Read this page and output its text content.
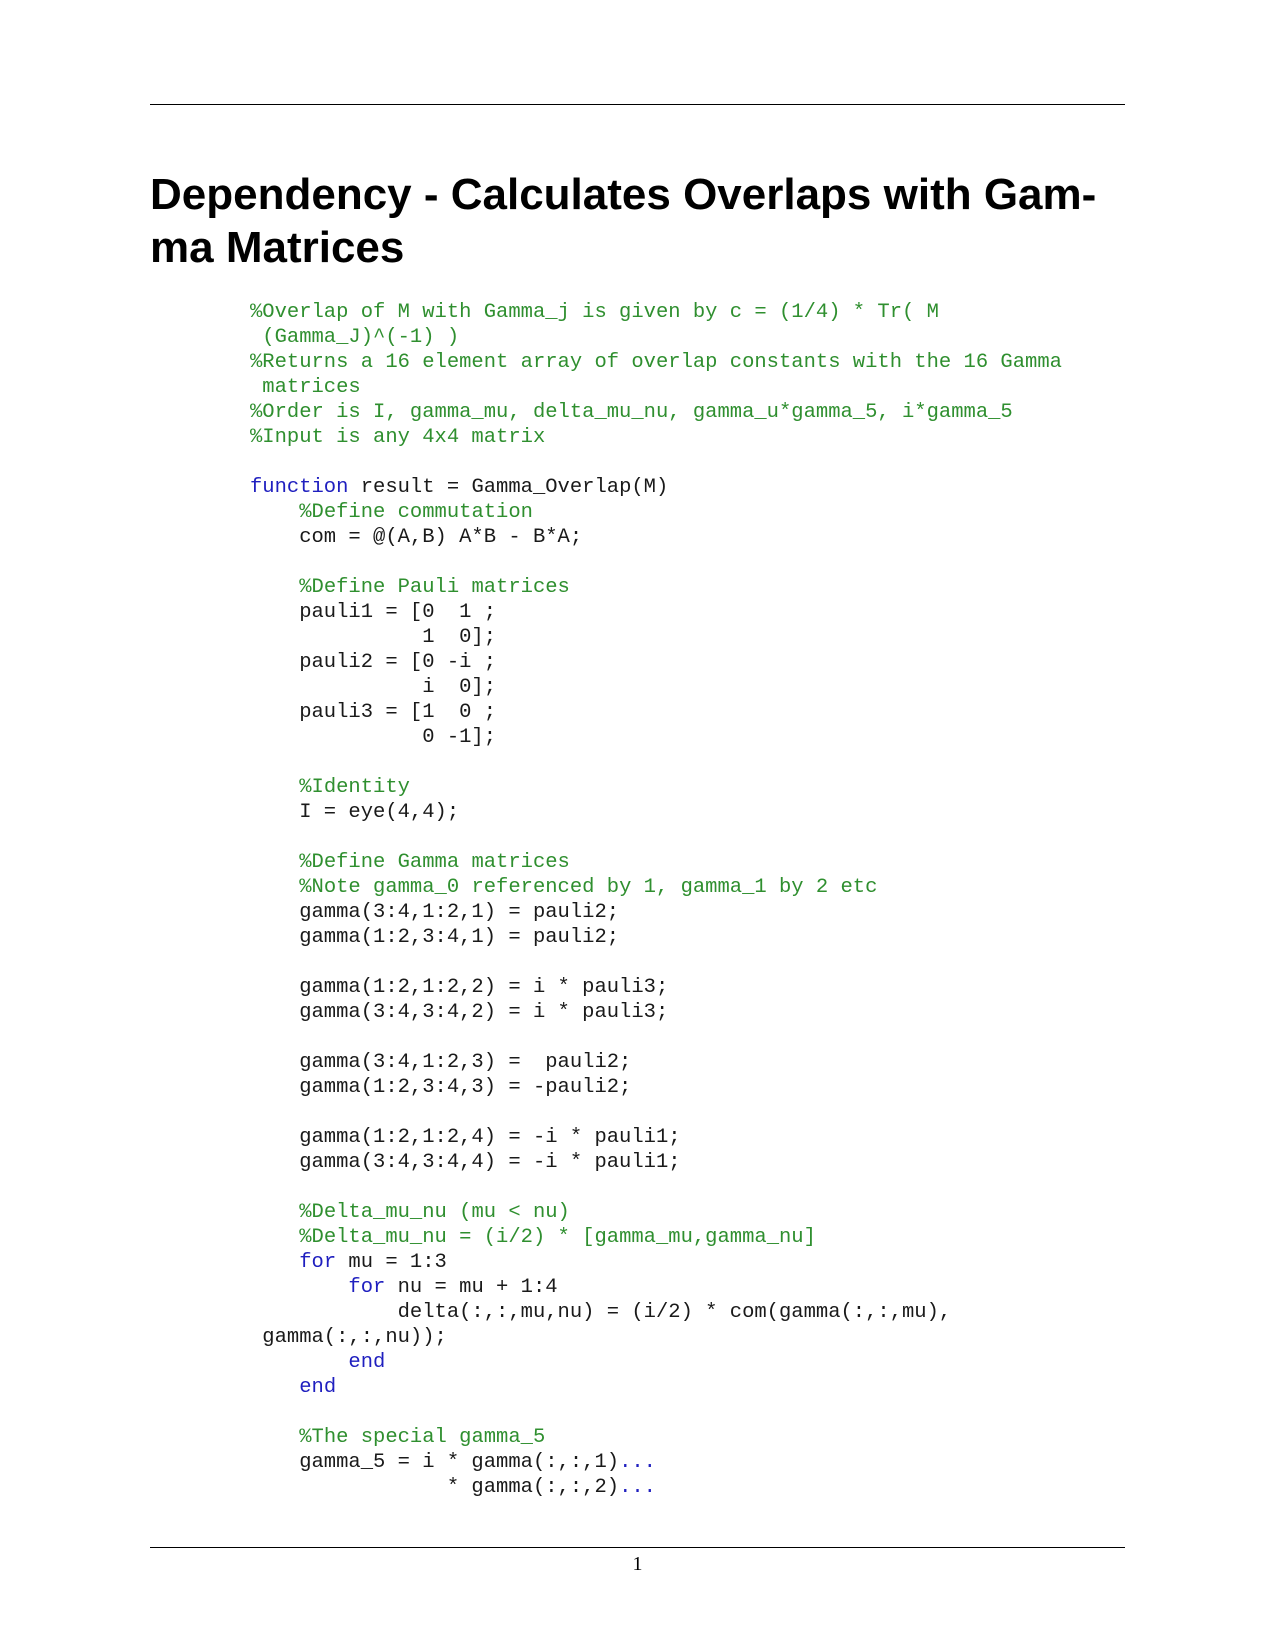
Dependency - Calculates Overlaps with Gam-
ma Matrices
%Overlap of M with Gamma_j is given by c = (1/4) * Tr( M
(Gamma_J)^(-1) )
%Returns a 16 element array of overlap constants with the 16 Gamma
matrices
%Order is I, gamma_mu, delta_mu_nu, gamma_u*gamma_5, i*gamma_5
%Input is any 4x4 matrix
function result = Gamma_Overlap(M)
%Define commutation
com = @(A,B) A*B - B*A;
%Define Pauli matrices
pauli1 = [0  1 ;
1  0];
pauli2 = [0 -i ;
i  0];
pauli3 = [1  0 ;
0 -1];
%Identity
I = eye(4,4);
%Define Gamma matrices
%Note gamma_0 referenced by 1, gamma_1 by 2 etc
gamma(3:4,1:2,1) = pauli2;
gamma(1:2,3:4,1) = pauli2;
gamma(1:2,1:2,2) = i * pauli3;
gamma(3:4,3:4,2) = i * pauli3;
gamma(3:4,1:2,3) =  pauli2;
gamma(1:2,3:4,3) = -pauli2;
gamma(1:2,1:2,4) = -i * pauli1;
gamma(3:4,3:4,4) = -i * pauli1;
%Delta_mu_nu (mu < nu)
%Delta_mu_nu = (i/2) * [gamma_mu,gamma_nu]
for mu = 1:3
for nu = mu + 1:4
delta(:,:,mu,nu) = (i/2) * com(gamma(:,:,mu),
gamma(:,:,nu));
end
end
%The special gamma_5
gamma_5 = i * gamma(:,:,1)...
* gamma(:,:,2)...
1
